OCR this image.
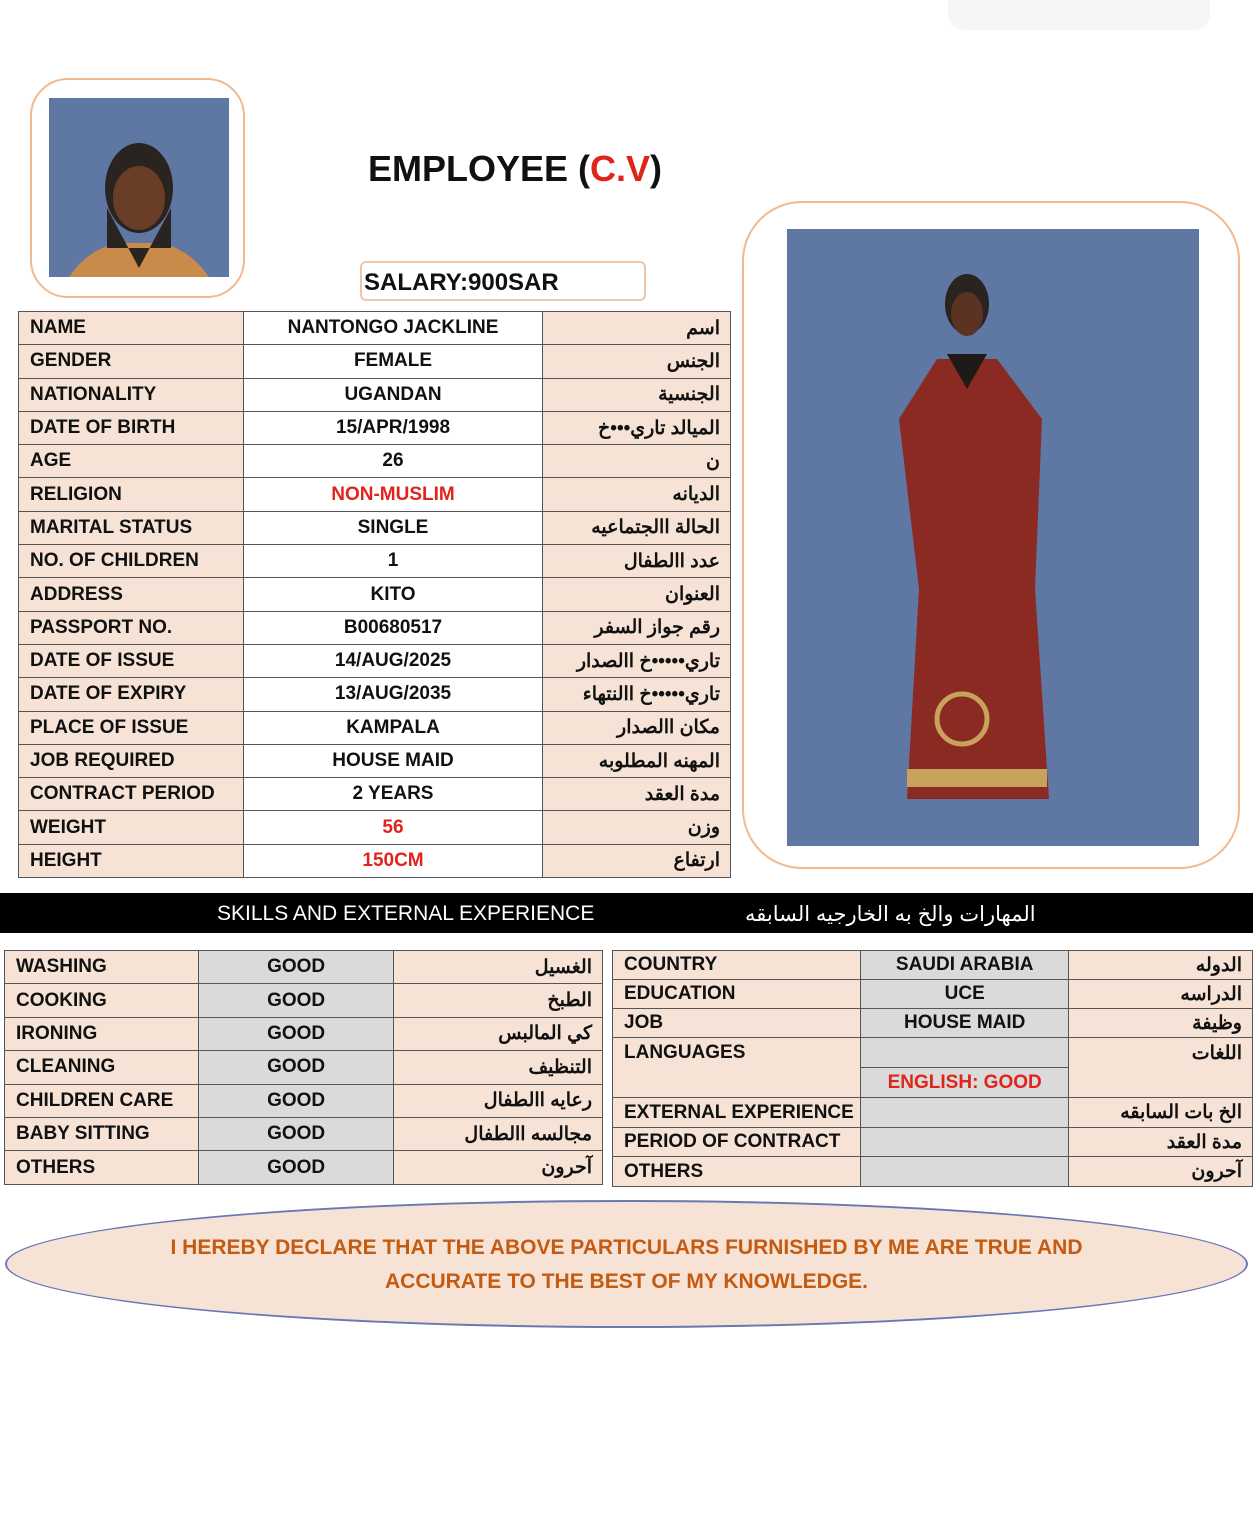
EMPLOYEE (C.V)
SALARY:900SAR
NAME	NANTONGO JACKLINE	اسم
GENDER	FEMALE	الجنس
NATIONALITY	UGANDAN	الجنسية
DATE OF BIRTH	15/APR/1998	الميالد تاري•••خ
AGE	26	ن
RELIGION	NON-MUSLIM	الديانه
MARITAL STATUS	SINGLE	الحالة االجتماعيه
NO. OF CHILDREN	1	عدد االطفال
ADDRESS	KITO	العنوان
PASSPORT NO.	B00680517	رقم جواز السفر
DATE OF ISSUE	14/AUG/2025	تاري•••••خ االصدار
DATE OF EXPIRY	13/AUG/2035	تاري•••••خ االنتهاء
PLACE OF ISSUE	KAMPALA	مكان االصدار
JOB REQUIRED	HOUSE MAID	المهنه المطلوبه
CONTRACT PERIOD	2 YEARS	مدة العقد
WEIGHT	56	وزن
HEIGHT	150CM	ارتفاع
SKILLS AND EXTERNAL EXPERIENCE	المهارات والخ به الخارجيه السابقه
WASHING	GOOD	الغسيل
COOKING	GOOD	الطبخ
IRONING	GOOD	كي المالبس
CLEANING	GOOD	التنظيف
CHILDREN CARE	GOOD	رعايه االطفال
BABY SITTING	GOOD	مجالسه االطفال
OTHERS	GOOD	آحرون
COUNTRY	SAUDI ARABIA	الدوله
EDUCATION	UCE	الدراسه
JOB	HOUSE MAID	وظيفة
LANGUAGES		اللغات
	ENGLISH: GOOD	
EXTERNAL EXPERIENCE		الخ بات السابقه
PERIOD OF CONTRACT		مدة العقد
OTHERS		آحرون
I HEREBY DECLARE THAT THE ABOVE PARTICULARS FURNISHED BY ME ARE TRUE AND
ACCURATE TO THE BEST OF MY KNOWLEDGE.
